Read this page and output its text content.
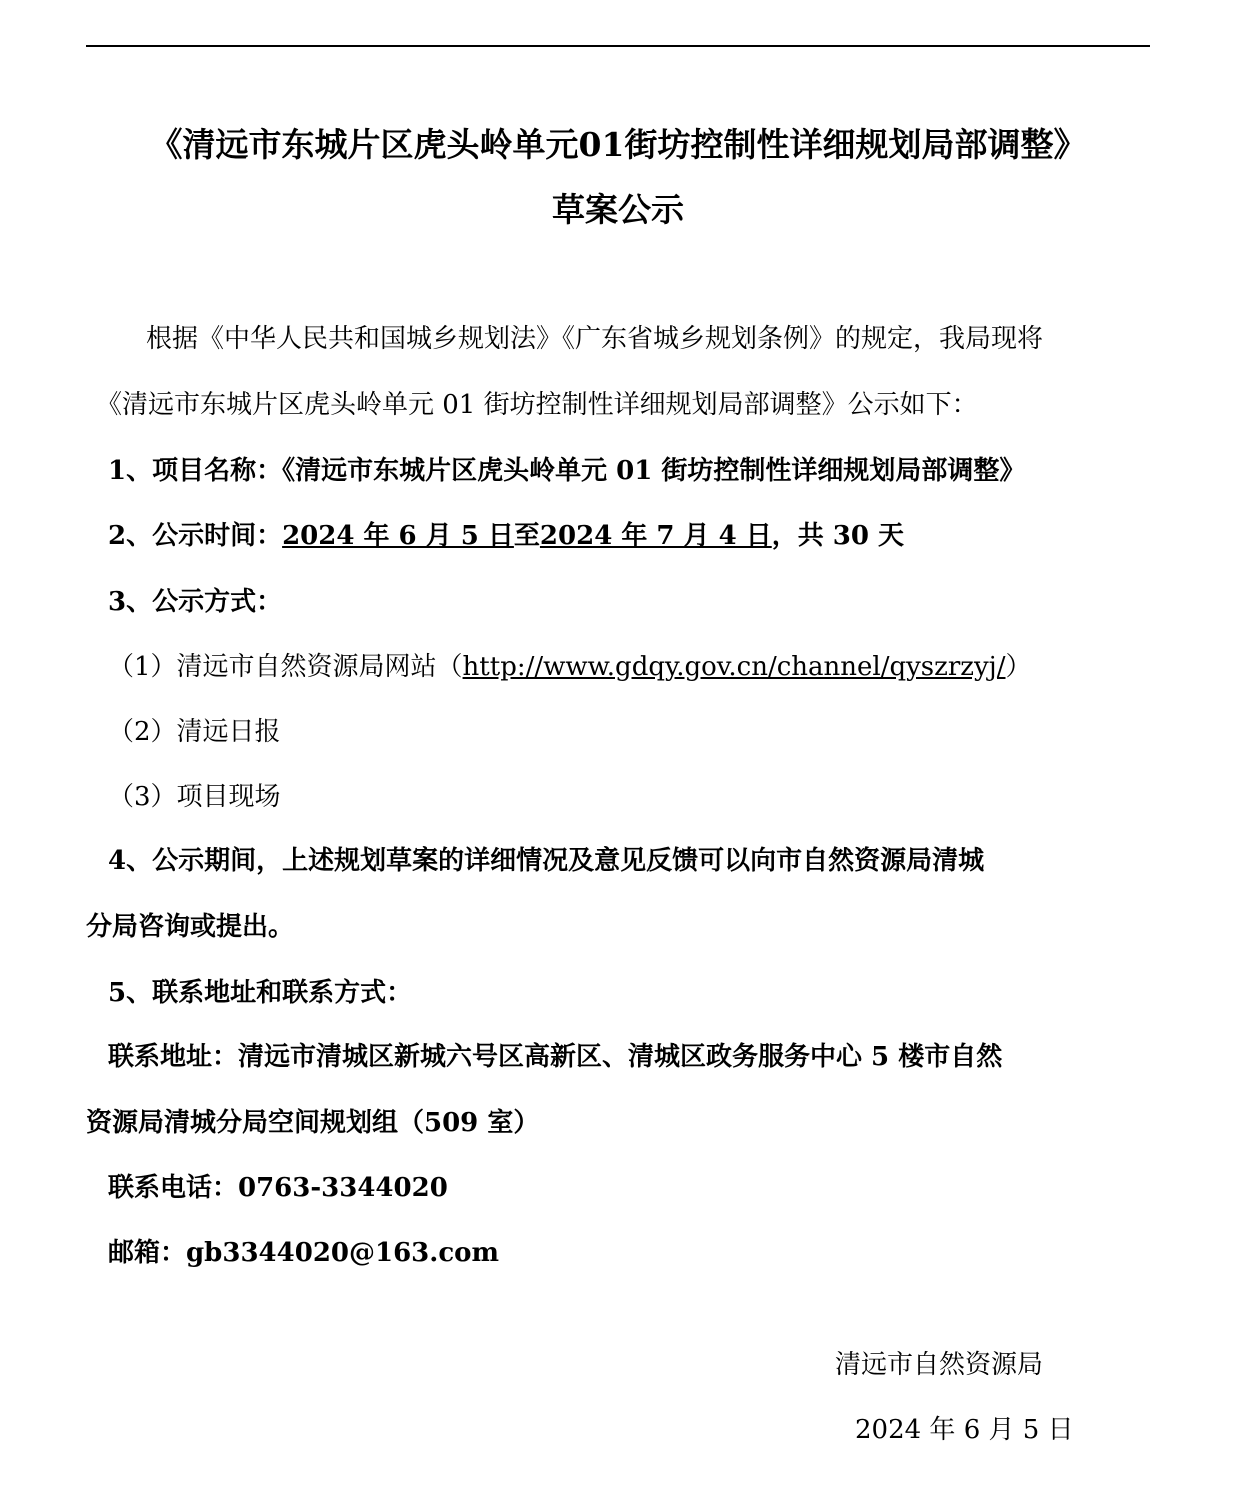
《清远市东城片区虎头岭单元01街坊控制性详细规划局部调整》
草案公示
根据《中华人民共和国城乡规划法》《广东省城乡规划条例》的规定，我局现将
《清远市东城片区虎头岭单元 01 街坊控制性详细规划局部调整》公示如下：
1、项目名称：《清远市东城片区虎头岭单元 01 街坊控制性详细规划局部调整》
2、公示时间：2024 年 6 月 5 日至2024 年 7 月 4 日，共 30 天
3、公示方式：
（1）清远市自然资源局网站（http://www.gdqy.gov.cn/channel/qyszrzyj/）
（2）清远日报
（3）项目现场
4、公示期间，上述规划草案的详细情况及意见反馈可以向市自然资源局清城
分局咨询或提出。
5、联系地址和联系方式：
联系地址：清远市清城区新城六号区高新区、清城区政务服务中心 5 楼市自然
资源局清城分局空间规划组（509 室）
联系电话：0763-3344020
邮箱：gb3344020@163.com
清远市自然资源局
2024 年 6 月 5 日
